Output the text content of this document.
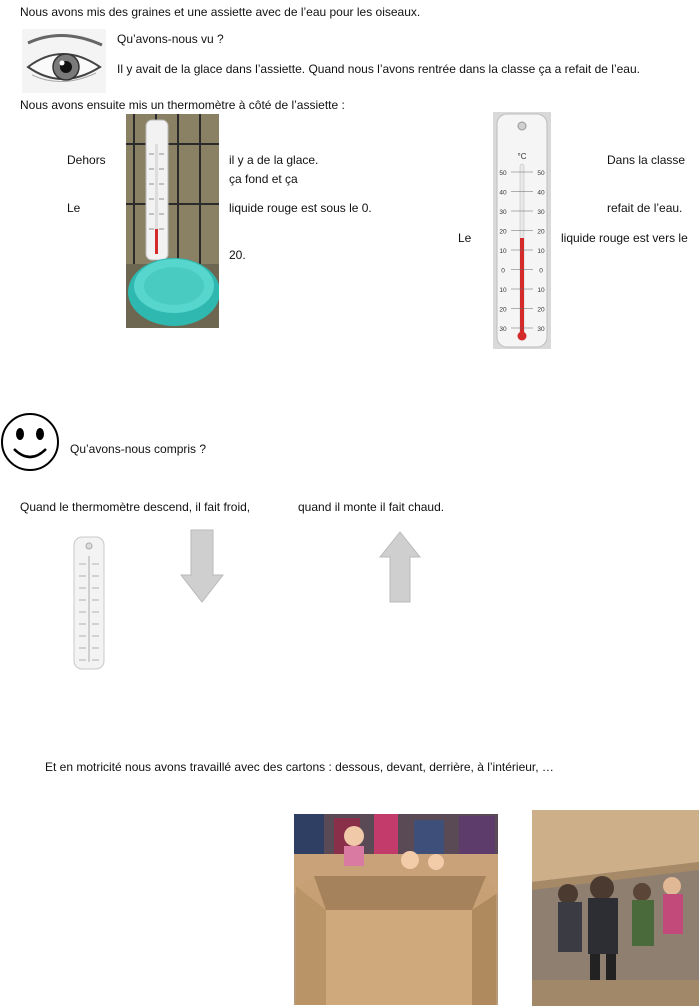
Nous avons mis des graines et une assiette avec de l’eau pour les oiseaux.
Qu’avons-nous vu ?
Il y avait de la glace dans l’assiette. Quand nous l’avons rentrée dans la classe ça a refait de l’eau.
Nous avons ensuite mis un thermomètre à côté de l’assiette :
Dehors	il y a de la glace.
ça fond et ça
Le	liquide rouge est sous le 0.
°C
50	50
40	40
30	30
20	20
10	10
0	0
10	10
20	20
30	30
Dans la classe
refait de l’eau.
Le	liquide rouge est vers le
20.
Qu’avons-nous compris ?
Quand le thermomètre descend, il fait froid,	quand il monte il fait chaud.
Et en motricité nous avons travaillé avec des cartons : dessous, devant, derrière, à l’intérieur, …
